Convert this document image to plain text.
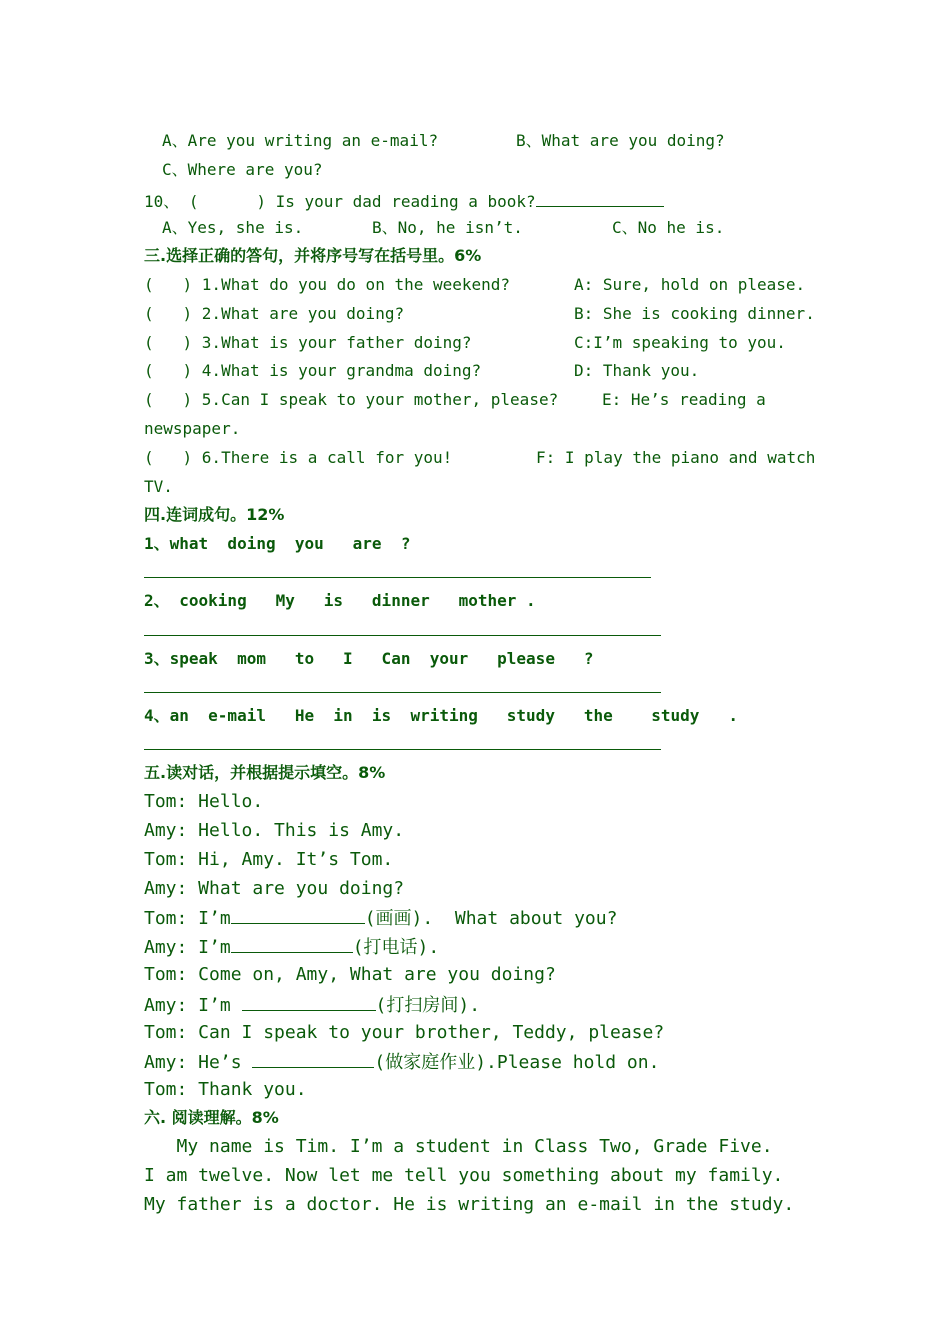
A、Are you writing an e-mail?	B、What are you doing?
C、Where are you?
10、 (      ) Is your dad reading a book?
A、Yes, she is.	B、No, he isn’t.	C、No he is.
三.选择正确的答句，并将序号写在括号里。6%
(   ) 1.What do you do on the weekend?	A: Sure, hold on please.
(   ) 2.What are you doing?	B: She is cooking dinner.
(   ) 3.What is your father doing?	C:I’m speaking to you.
(   ) 4.What is your grandma doing?	D: Thank you.
(   ) 5.Can I speak to your mother, please?	E: He’s reading a
newspaper.
(   ) 6.There is a call for you!	F: I play the piano and watch
TV.
四.连词成句。12%
1、what  doing  you   are  ?
2、 cooking   My   is   dinner   mother .
3、speak  mom   to   I   Can  your   please   ?
4、an  e-mail   He  in  is  writing   study   the    study   .
五.读对话，并根据提示填空。8%
Tom: Hello.
Amy: Hello. This is Amy.
Tom: Hi, Amy. It’s Tom.
Amy: What are you doing?
Tom: I’m	(画画).  What about you?
Amy: I’m	(打电话).
Tom: Come on, Amy, What are you doing?
Amy: I’m	(打扫房间).
Tom: Can I speak to your brother, Teddy, please?
Amy: He’s	(做家庭作业).Please hold on.
Tom: Thank you.
六. 阅读理解。8%
My name is Tim. I’m a student in Class Two, Grade Five.
I am twelve. Now let me tell you something about my family.
My father is a doctor. He is writing an e-mail in the study.
